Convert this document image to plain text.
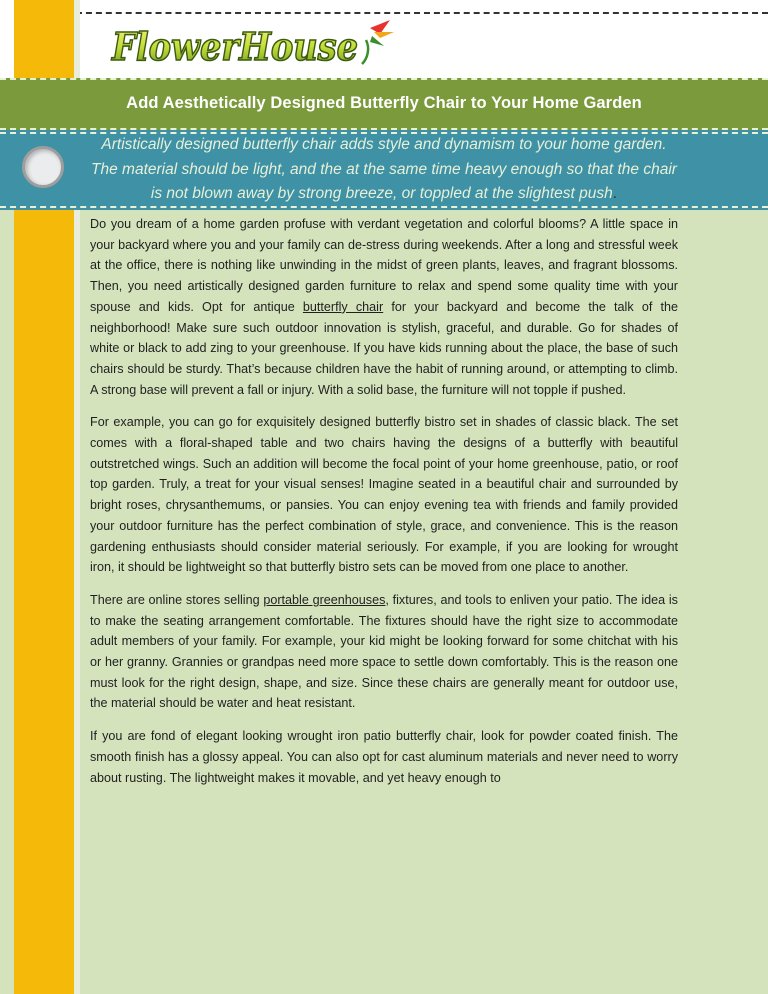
FlowerHouse
Add Aesthetically Designed Butterfly Chair to Your Home Garden
Artistically designed butterfly chair adds style and dynamism to your home garden. The material should be light, and the at the same time heavy enough so that the chair is not blown away by strong breeze, or toppled at the slightest push.

Do you dream of a home garden profuse with verdant vegetation and colorful blooms? A little space in your backyard where you and your family can de-stress during weekends. After a long and stressful week at the office, there is nothing like unwinding in the midst of green plants, leaves, and fragrant blossoms. Then, you need artistically designed garden furniture to relax and spend some quality time with your spouse and kids. Opt for antique butterfly chair for your backyard and become the talk of the neighborhood! Make sure such outdoor innovation is stylish, graceful, and durable. Go for shades of white or black to add zing to your greenhouse. If you have kids running about the place, the base of such chairs should be sturdy. That’s because children have the habit of running around, or attempting to climb. A strong base will prevent a fall or injury. With a solid base, the furniture will not topple if pushed.

For example, you can go for exquisitely designed butterfly bistro set in shades of classic black. The set comes with a floral-shaped table and two chairs having the designs of a butterfly with beautiful outstretched wings. Such an addition will become the focal point of your home greenhouse, patio, or roof top garden. Truly, a treat for your visual senses! Imagine seated in a beautiful chair and surrounded by bright roses, chrysanthemums, or pansies. You can enjoy evening tea with friends and family provided your outdoor furniture has the perfect combination of style, grace, and convenience. This is the reason gardening enthusiasts should consider material seriously. For example, if you are looking for wrought iron, it should be lightweight so that butterfly bistro sets can be moved from one place to another.

There are online stores selling portable greenhouses, fixtures, and tools to enliven your patio. The idea is to make the seating arrangement comfortable. The fixtures should have the right size to accommodate adult members of your family. For example, your kid might be looking forward for some chitchat with his or her granny. Grannies or grandpas need more space to settle down comfortably. This is the reason one must look for the right design, shape, and size. Since these chairs are generally meant for outdoor use, the material should be water and heat resistant.

If you are fond of elegant looking wrought iron patio butterfly chair, look for powder coated finish. The smooth finish has a glossy appeal. You can also opt for cast aluminum materials and never need to worry about rusting. The lightweight makes it movable, and yet heavy enough to
